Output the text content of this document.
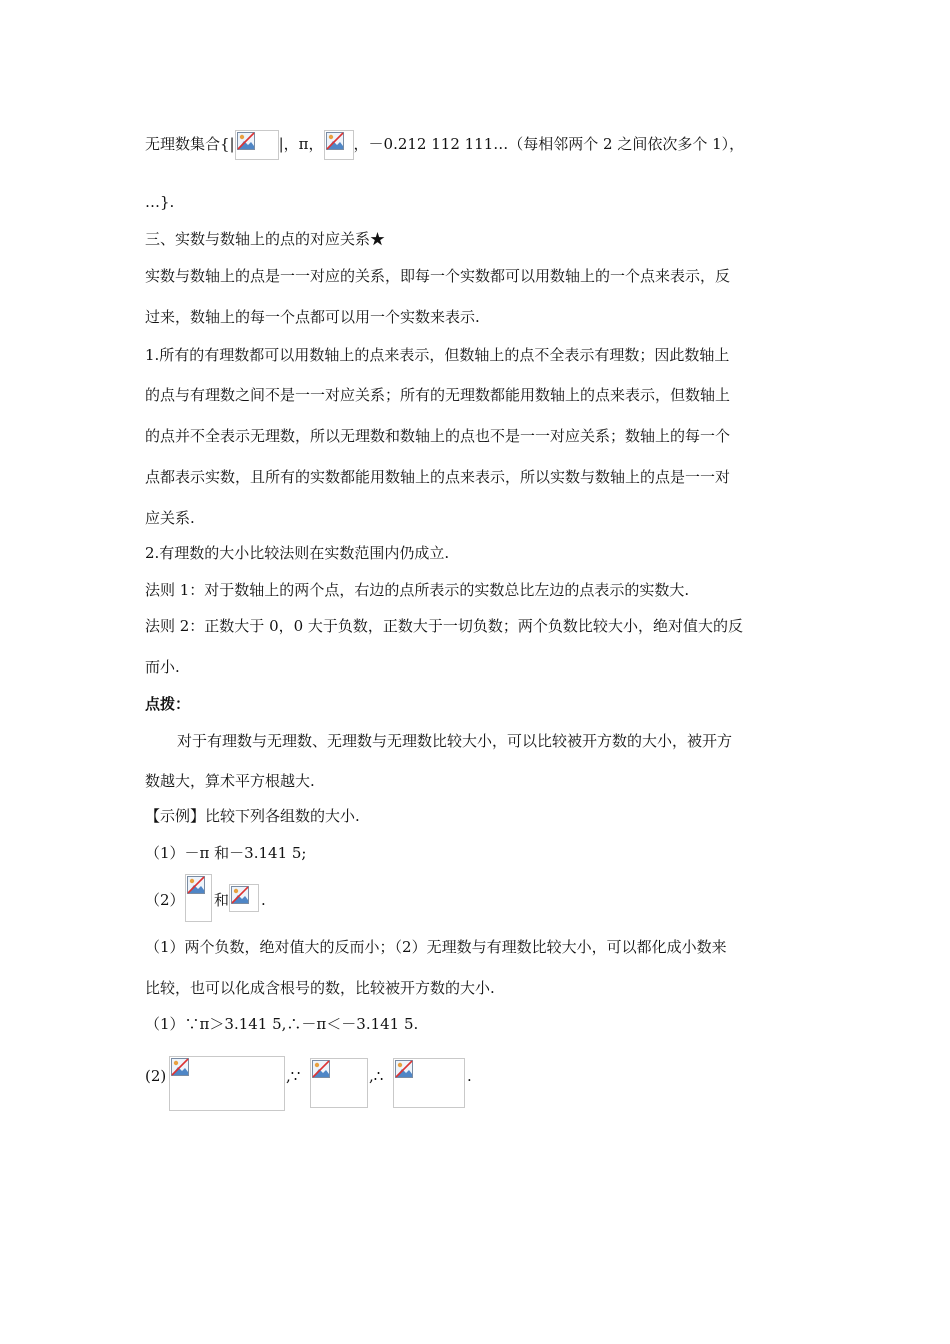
无理数集合{|	|，π， ，－0.212 112 111…（每相邻两个 2 之间依次多个 1），
…}.
三、实数与数轴上的点的对应关系★
实数与数轴上的点是一一对应的关系，即每一个实数都可以用数轴上的一个点来表示，反
过来，数轴上的每一个点都可以用一个实数来表示.
1.所有的有理数都可以用数轴上的点来表示，但数轴上的点不全表示有理数；因此数轴上
的点与有理数之间不是一一对应关系；所有的无理数都能用数轴上的点来表示，但数轴上
的点并不全表示无理数，所以无理数和数轴上的点也不是一一对应关系；数轴上的每一个
点都表示实数，且所有的实数都能用数轴上的点来表示，所以实数与数轴上的点是一一对
应关系.
2.有理数的大小比较法则在实数范围内仍成立.
法则 1：对于数轴上的两个点，右边的点所表示的实数总比左边的点表示的实数大.
法则 2：正数大于 0，0 大于负数，正数大于一切负数；两个负数比较大小，绝对值大的反
而小.
点拨：
对于有理数与无理数、无理数与无理数比较大小，可以比较被开方数的大小，被开方
数越大，算术平方根越大.
【示例】比较下列各组数的大小.
（1）－π 和－3.141 5;
（2） 和 .
（1）两个负数，绝对值大的反而小；（2）无理数与有理数比较大小，可以都化成小数来
比较，也可以化成含根号的数，比较被开方数的大小.
（1）∵π＞3.141 5,∴－π＜－3.141 5.
(2)	,∵	,∴	.
